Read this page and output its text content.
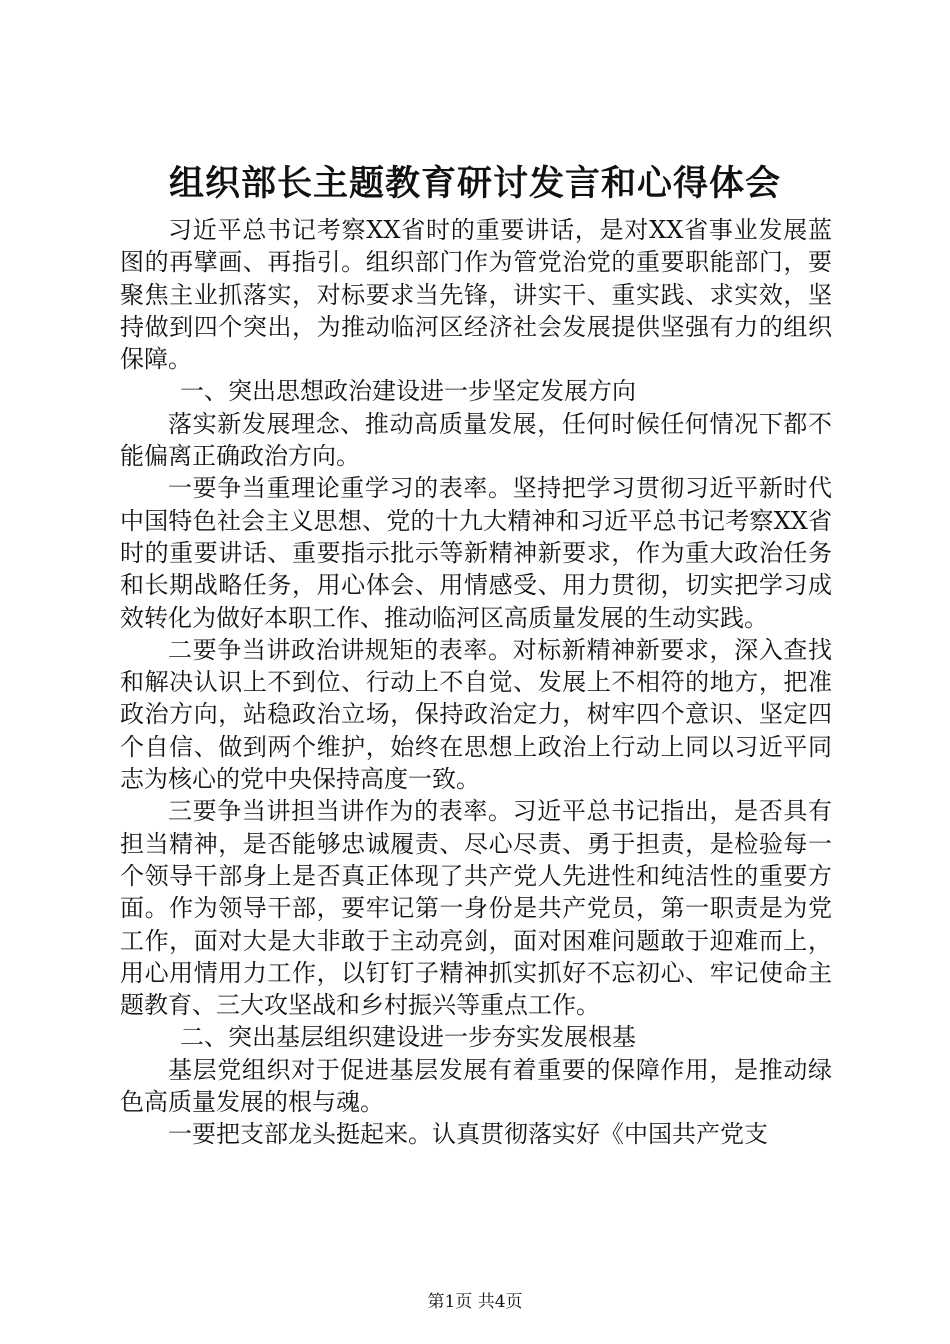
组织部长主题教育研讨发言和心得体会

习近平总书记考察XX省时的重要讲话，是对XX省事业发展蓝图的再擘画、再指引。组织部门作为管党治党的重要职能部门，要聚焦主业抓落实，对标要求当先锋，讲实干、重实践、求实效，坚持做到四个突出，为推动临河区经济社会发展提供坚强有力的组织保障。

一、突出思想政治建设进一步坚定发展方向

落实新发展理念、推动高质量发展，任何时候任何情况下都不能偏离正确政治方向。

一要争当重理论重学习的表率。坚持把学习贯彻习近平新时代中国特色社会主义思想、党的十九大精神和习近平总书记考察XX省时的重要讲话、重要指示批示等新精神新要求，作为重大政治任务和长期战略任务，用心体会、用情感受、用力贯彻，切实把学习成效转化为做好本职工作、推动临河区高质量发展的生动实践。

二要争当讲政治讲规矩的表率。对标新精神新要求，深入查找和解决认识上不到位、行动上不自觉、发展上不相符的地方，把准政治方向，站稳政治立场，保持政治定力，树牢四个意识、坚定四个自信、做到两个维护，始终在思想上政治上行动上同以习近平同志为核心的党中央保持高度一致。

三要争当讲担当讲作为的表率。习近平总书记指出，是否具有担当精神，是否能够忠诚履责、尽心尽责、勇于担责，是检验每一个领导干部身上是否真正体现了共产党人先进性和纯洁性的重要方面。作为领导干部，要牢记第一身份是共产党员，第一职责是为党工作，面对大是大非敢于主动亮剑，面对困难问题敢于迎难而上，用心用情用力工作，以钉钉子精神抓实抓好不忘初心、牢记使命主题教育、三大攻坚战和乡村振兴等重点工作。

二、突出基层组织建设进一步夯实发展根基

基层党组织对于促进基层发展有着重要的保障作用，是推动绿色高质量发展的根与魂。

一要把支部龙头挺起来。认真贯彻落实好《中国共产党支

第1页 共4页
